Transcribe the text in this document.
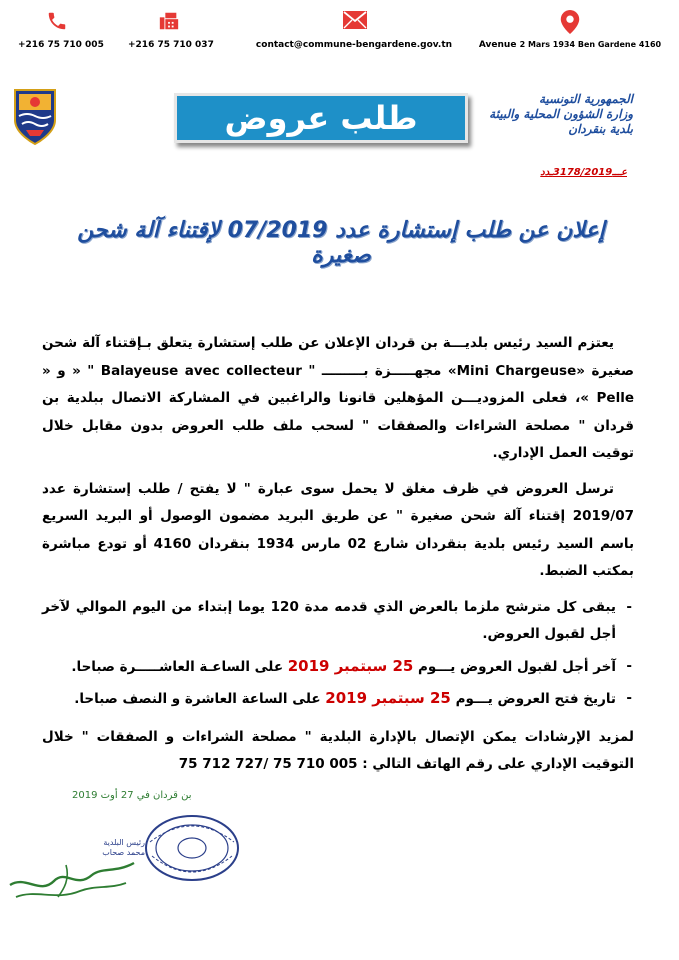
+216 75 710 005	+216 75 710 037	contact@commune-bengardene.gov.tn	Avenue 2 Mars 1934 Ben Gardene 4160
طلب عروض	الجمهورية التونسية
وزارة الشؤون المحلية والبيئة
بلدية بنقردان
عـــ3178/2019ـدد
إعلان عن طلب إستشارة عدد 07/2019 لإقتناء آلة شحن صغيرة

يعتزم السيد رئيس بلديـــة بن قردان الإعلان عن طلب إستشارة يتعلق بـإقتناء آلة شحن صغيرة «Mini Chargeuse» مجهـــــزة بـــــــــ " Balayeuse avec collecteur " « و « Pelle »، فعلى المزوديـــن المؤهلين قانونا والراغبين في المشاركة الاتصال ببلدية بن قردان " مصلحة الشراءات والصفقات " لسحب ملف طلب العروض بدون مقابل خلال توقيت العمل الإداري.

ترسل العروض في ظرف مغلق لا يحمل سوى عبارة " لا يفتح / طلب إستشارة عدد 2019/07 إقتناء آلة شحن صغيرة " عن طريق البريد مضمون الوصول أو البريد السريع باسم السيد رئيس بلدية بنقردان شارع 02 مارس 1934 بنقردان 4160 أو تودع مباشرة بمكتب الضبط.

- يبقى كل مترشح ملزما بالعرض الذي قدمه مدة 120 يوما إبتداء من اليوم الموالي لآخر أجل لقبول العروض.
- آخر أجل لقبول العروض يـــوم 25 سبتمبر 2019 على الساعـة العاشـــــرة صباحا.
- تاريخ فتح العروض يـــوم 25 سبتمبر 2019 على الساعة العاشرة و النصف صباحا.

لمزيد الإرشادات يمكن الإتصال بالإدارة البلدية " مصلحة الشراءات و الصفقات " خلال التوقيت الإداري على رقم الهاتف التالي : 005 710 75 /727 712 75

بن قردان في 27 أوت 2019
رئيس البلدية
محمد صحاب
